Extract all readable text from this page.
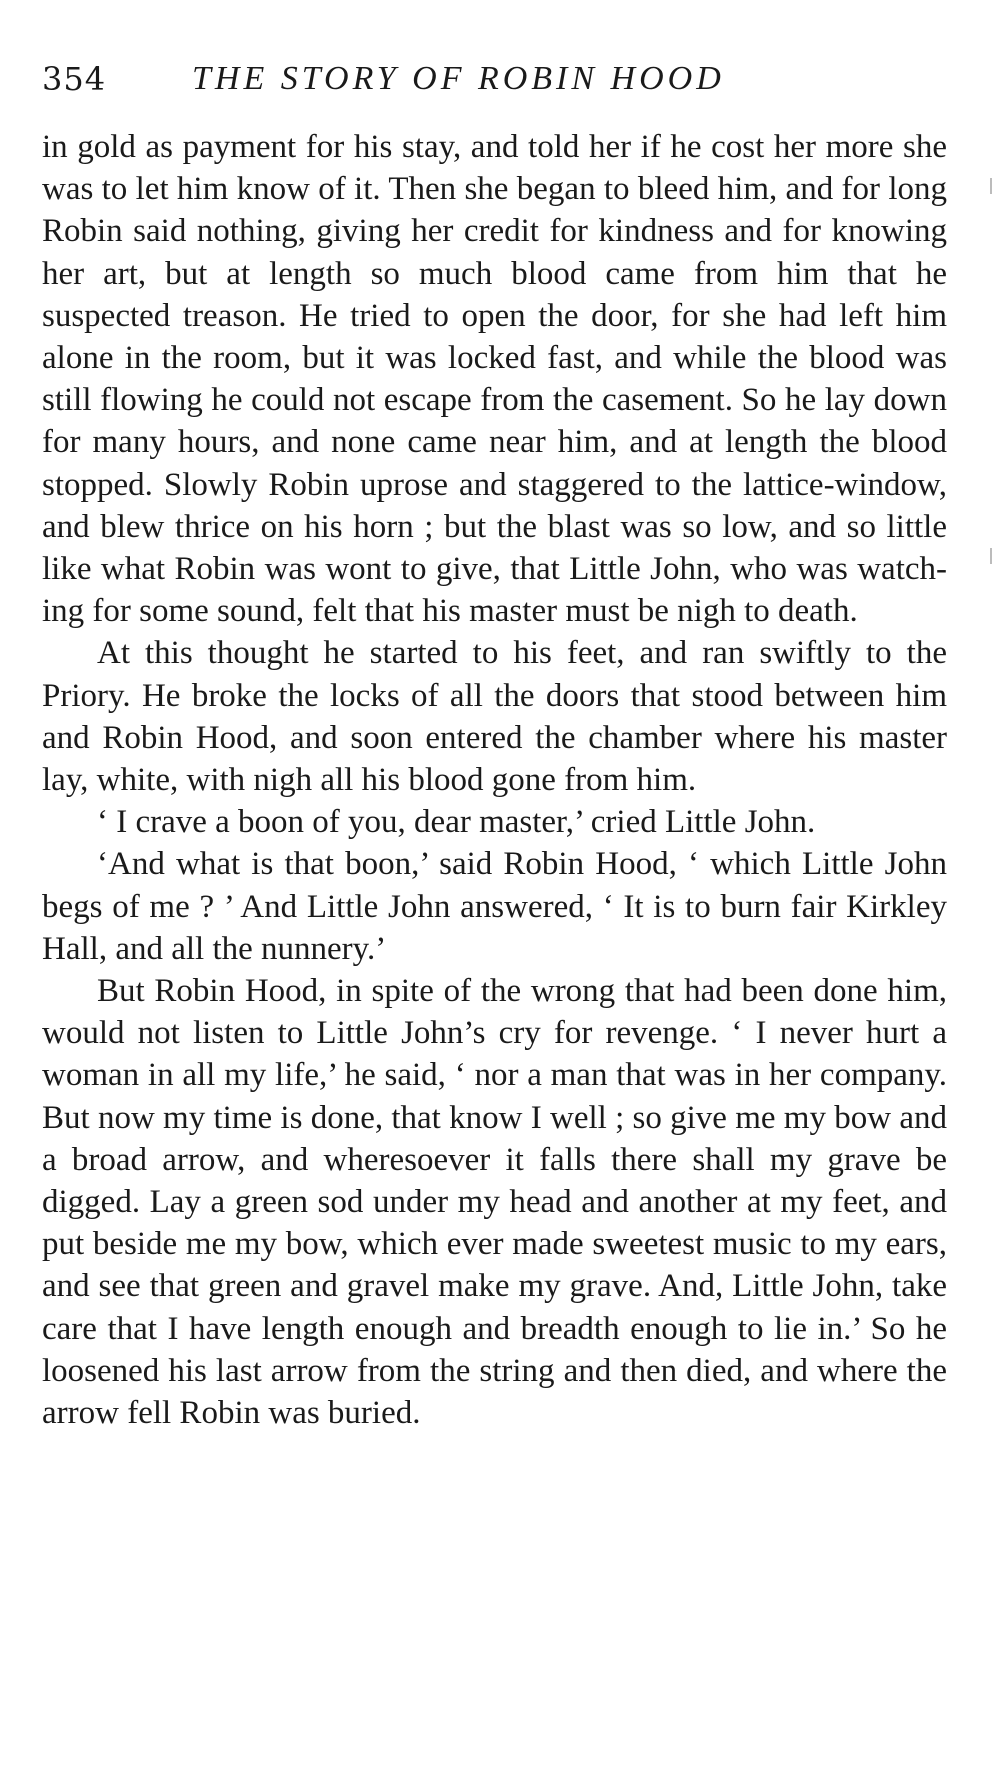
354	THE STORY OF ROBIN HOOD

in gold as payment for his stay, and told her if he cost her more she was to let him know of it. Then she began to bleed him, and for long Robin said nothing, giving her credit for kindness and for knowing her art, but at length so much blood came from him that he suspected treason. He tried to open the door, for she had left him alone in the room, but it was locked fast, and while the blood was still flowing he could not escape from the casement. So he lay down for many hours, and none came near him, and at length the blood stopped. Slowly Robin uprose and staggered to the lattice-window, and blew thrice on his horn ; but the blast was so low, and so little like what Robin was wont to give, that Little John, who was watch-ing for some sound, felt that his master must be nigh to death.

At this thought he started to his feet, and ran swiftly to the Priory. He broke the locks of all the doors that stood between him and Robin Hood, and soon entered the chamber where his master lay, white, with nigh all his blood gone from him.

‘ I crave a boon of you, dear master,’ cried Little John.

‘And what is that boon,’ said Robin Hood, ‘ which Little John begs of me ? ’ And Little John answered, ‘ It is to burn fair Kirkley Hall, and all the nunnery.’

But Robin Hood, in spite of the wrong that had been done him, would not listen to Little John’s cry for revenge. ‘ I never hurt a woman in all my life,’ he said, ‘ nor a man that was in her company. But now my time is done, that know I well ; so give me my bow and a broad arrow, and wheresoever it falls there shall my grave be digged. Lay a green sod under my head and another at my feet, and put beside me my bow, which ever made sweetest music to my ears, and see that green and gravel make my grave. And, Little John, take care that I have length enough and breadth enough to lie in.’ So he loosened his last arrow from the string and then died, and where the arrow fell Robin was buried.
